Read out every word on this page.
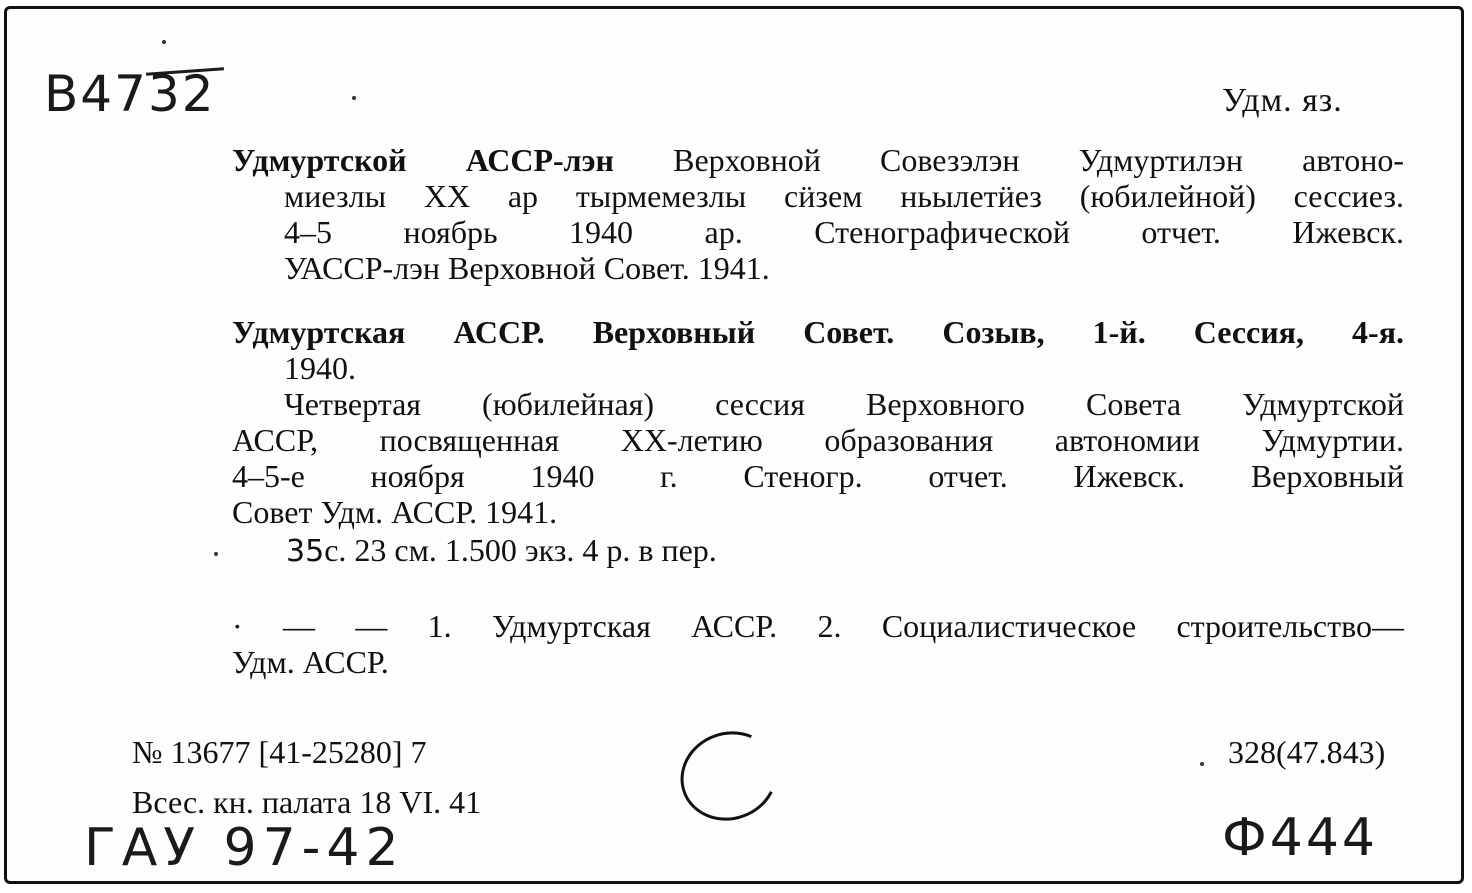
В4732	Удм. яз.
Удмуртской АССР-лэн Верховной Совезэлэн Удмуртилэн автоно-
миезлы XX ар тырмемезлы сӥзем ньылетӥез (юбилейной) сессиез.
4–5 ноябрь 1940 ар. Стенографической отчет. Ижевск.
УАССР-лэн Верховной Совет. 1941.
Удмуртская АССР. Верховный Совет. Созыв, 1-й. Сессия, 4-я.
1940.
Четвертая (юбилейная) сессия Верховного Совета Удмуртской
АССР, посвященная XX-летию образования автономии Удмуртии.
4–5-е ноября 1940 г. Стеногр. отчет. Ижевск. Верховный
Совет Удм. АССР. 1941.
35с. 23 см. 1.500 экз. 4 р. в пер.
· — — 1. Удмуртская АССР. 2. Социалистическое строительство—
Удм. АССР.
№ 13677 [41-25280] 7
Всес. кн. палата 18 VI. 41
328(47.843)
ГАУ 97-42	Ф444
